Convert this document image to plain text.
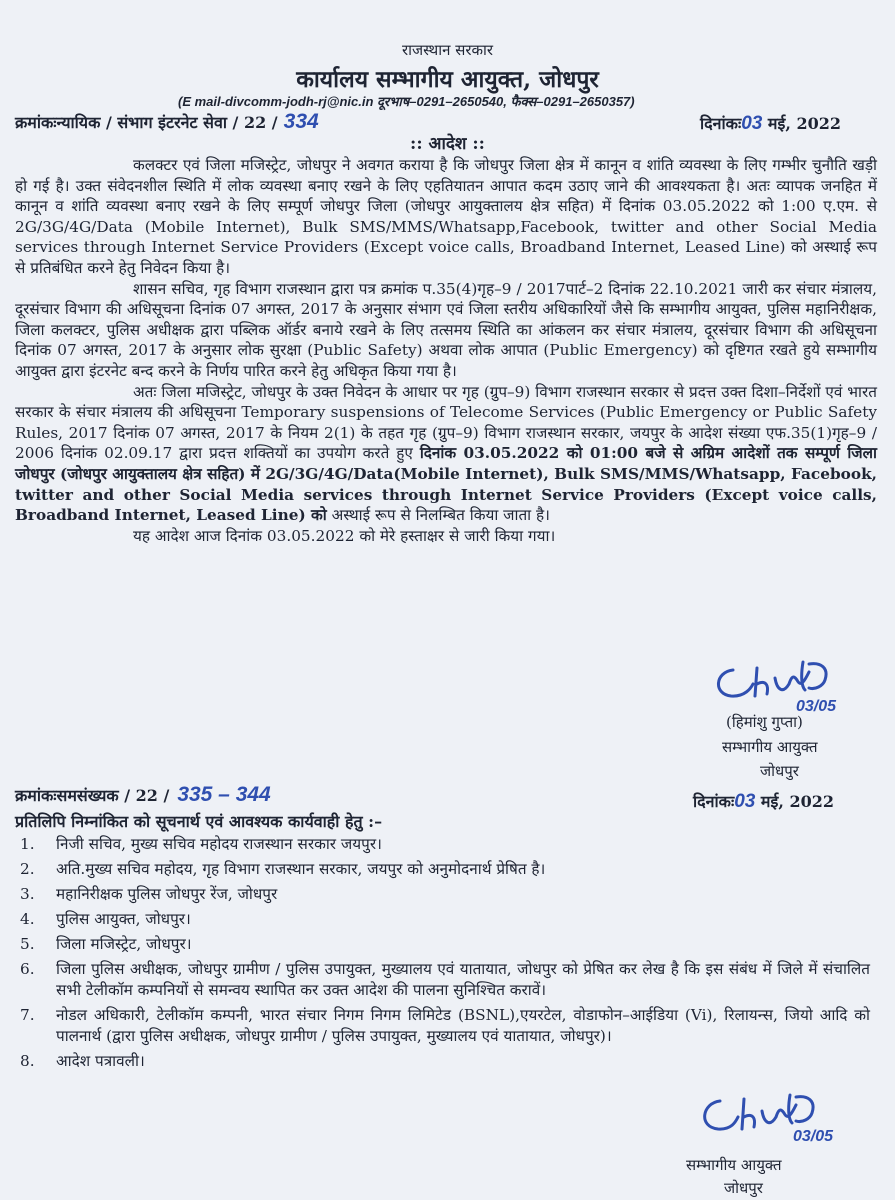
राजस्थान सरकार
कार्यालय सम्भागीय आयुक्त, जोधपुर
(E mail-divcomm-jodh-rj@nic.in दूरभाष–0291–2650540, फैक्स–0291–2650357)
क्रमांकःन्यायिक / संभाग इंटरनेट सेवा / 22 / 334	दिनांकः03 मई, 2022
:: आदेश ::

कलक्टर एवं जिला मजिस्ट्रेट, जोधपुर ने अवगत कराया है कि जोधपुर जिला क्षेत्र में कानून व शांति व्यवस्था के लिए गम्भीर चुनौति खड़ी हो गई है। उक्त संवेदनशील स्थिति में लोक व्यवस्था बनाए रखने के लिए एहतियातन आपात कदम उठाए जाने की आवश्यकता है। अतः व्यापक जनहित में कानून व शांति व्यवस्था बनाए रखने के लिए सम्पूर्ण जोधपुर जिला (जोधपुर आयुक्तालय क्षेत्र सहित) में दिनांक 03.05.2022 को 1:00 ए.एम. से 2G/3G/4G/Data (Mobile Internet), Bulk SMS/MMS/Whatsapp,Facebook, twitter and other Social Media services through Internet Service Providers (Except voice calls, Broadband Internet, Leased Line) को अस्थाई रूप से प्रतिबंधित करने हेतु निवेदन किया है।

शासन सचिव, गृह विभाग राजस्थान द्वारा पत्र क्रमांक प.35(4)गृह–9 / 2017पार्ट–2 दिनांक 22.10.2021 जारी कर संचार मंत्रालय, दूरसंचार विभाग की अधिसूचना दिनांक 07 अगस्त, 2017 के अनुसार संभाग एवं जिला स्तरीय अधिकारियों जैसे कि सम्भागीय आयुक्त, पुलिस महानिरीक्षक, जिला कलक्टर, पुलिस अधीक्षक द्वारा पब्लिक ऑर्डर बनाये रखने के लिए तत्समय स्थिति का आंकलन कर संचार मंत्रालय, दूरसंचार विभाग की अधिसूचना दिनांक 07 अगस्त, 2017 के अनुसार लोक सुरक्षा (Public Safety) अथवा लोक आपात (Public Emergency) को दृष्टिगत रखते हुये सम्भागीय आयुक्त द्वारा इंटरनेट बन्द करने के निर्णय पारित करने हेतु अधिकृत किया गया है।

अतः जिला मजिस्ट्रेट, जोधपुर के उक्त निवेदन के आधार पर गृह (ग्रुप–9) विभाग राजस्थान सरकार से प्रदत्त उक्त दिशा–निर्देशों एवं भारत सरकार के संचार मंत्रालय की अधिसूचना Temporary suspensions of Telecome Services (Public Emergency or Public Safety Rules, 2017 दिनांक 07 अगस्त, 2017 के नियम 2(1) के तहत गृह (ग्रुप–9) विभाग राजस्थान सरकार, जयपुर के आदेश संख्या एफ.35(1)गृह–9 / 2006 दिनांक 02.09.17 द्वारा प्रदत्त शक्तियों का उपयोग करते हुए दिनांक 03.05.2022 को 01:00 बजे से अग्रिम आदेशों तक सम्पूर्ण जिला जोधपुर (जोधपुर आयुक्तालय क्षेत्र सहित) में 2G/3G/4G/Data(Mobile Internet), Bulk SMS/MMS/Whatsapp, Facebook, twitter and other Social Media services through Internet Service Providers (Except voice calls, Broadband Internet, Leased Line) को अस्थाई रूप से निलम्बित किया जाता है।

यह आदेश आज दिनांक 03.05.2022 को मेरे हस्ताक्षर से जारी किया गया।

03/05
(हिमांशु गुप्ता)
सम्भागीय आयुक्त
जोधपुर
क्रमांकःसमसंख्यक / 22 / 335 – 344	दिनांकः03 मई, 2022
प्रतिलिपि निम्नांकित को सूचनार्थ एवं आवश्यक कार्यवाही हेतु :–
1. निजी सचिव, मुख्य सचिव महोदय राजस्थान सरकार जयपुर।
2. अति.मुख्य सचिव महोदय, गृह विभाग राजस्थान सरकार, जयपुर को अनुमोदनार्थ प्रेषित है।
3. महानिरीक्षक पुलिस जोधपुर रेंज, जोधपुर
4. पुलिस आयुक्त, जोधपुर।
5. जिला मजिस्ट्रेट, जोधपुर।
6. जिला पुलिस अधीक्षक, जोधपुर ग्रामीण / पुलिस उपायुक्त, मुख्यालय एवं यातायात, जोधपुर को प्रेषित कर लेख है कि इस संबंध में जिले में संचालित सभी टेलीकॉम कम्पनियों से समन्वय स्थापित कर उक्त आदेश की पालना सुनिश्चित करावें।
7. नोडल अधिकारी, टेलीकॉम कम्पनी, भारत संचार निगम निगम लिमिटेड (BSNL),एयरटेल, वोडाफोन–आईडिया (Vi), रिलायन्स, जियो आदि को पालनार्थ (द्वारा पुलिस अधीक्षक, जोधपुर ग्रामीण / पुलिस उपायुक्त, मुख्यालय एवं यातायात, जोधपुर)।
8. आदेश पत्रावली।
03/05
सम्भागीय आयुक्त
जोधपुर
